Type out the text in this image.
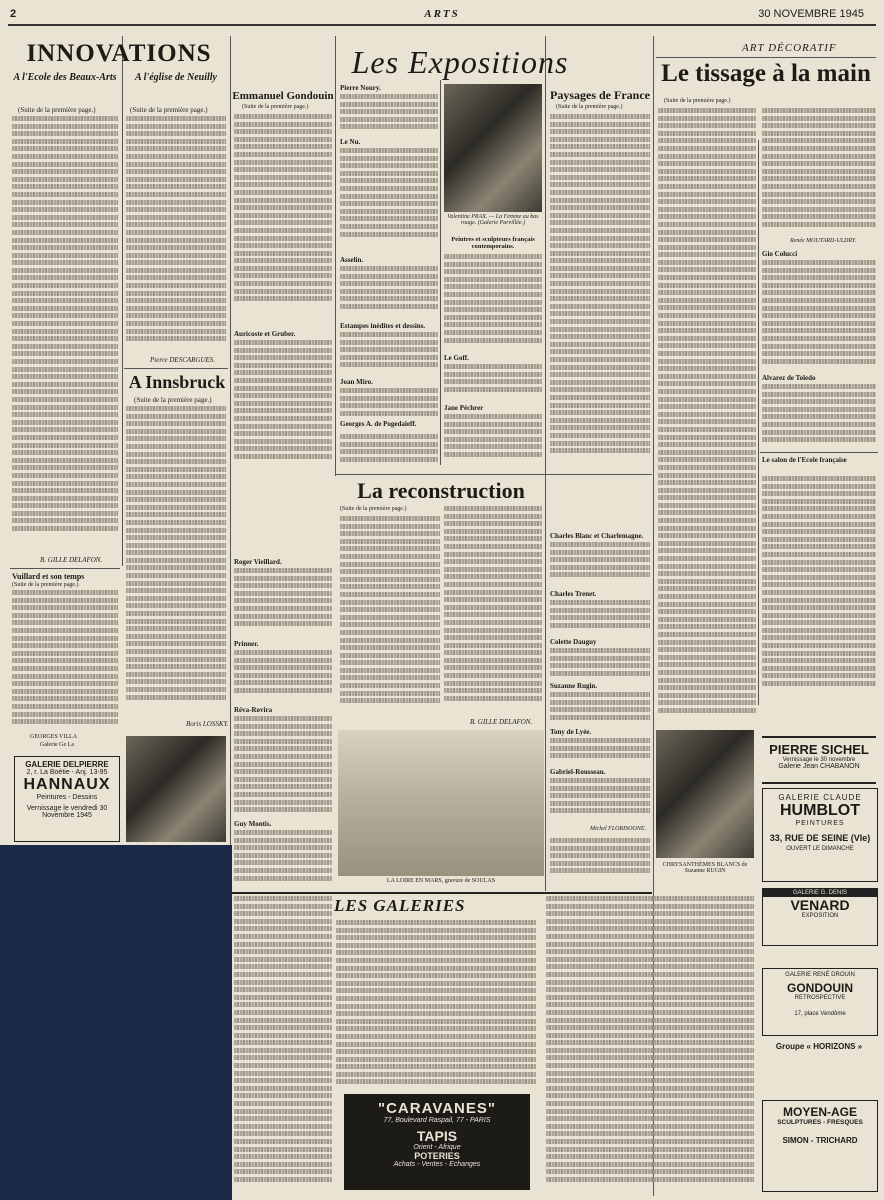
2	ARTS	30 NOVEMBRE 1945
INNOVATIONS
A l'Ecole des Beaux-Arts	A l'église de Neuilly
(Suite de la première page.)	(Suite de la première page.)
B. GILLE DELAFON.
Pierre DESCARGUES.
A Innsbruck
(Suite de la première page.)
Boris LOSSKY.
Vuillard et son temps
(Suite de la première page.)
GEORGES VILLA
Galerie Ge La
GALERIE DELPIERRE
2, r. La Boétie - Anj. 13-95
HANNAUX
Peintures - Dessins
Vernissage le vendredi 30 Novembre 1945
Emmanuel Gondouin
(Suite de la première page.)
Auricoste et Gruber.
Roger Vieillard.
Prinner.
Réva-Rovira
Guy Montis.
Les Expositions
Pierre Noury.
Le Nu.
Asselin.
Estampes inédites et dessins.
Joan Miro.
Georges A. de Pogedaieff.
Valentine PRAX. — La Femme au bas rouge. (Galerie Parvillée.)
Peintres et sculpteurs français contemporains.
Le Goff.
Jane Péchrer
Paysages de France
(Suite de la première page.)
La reconstruction
(Suite de la première page.)
B. GILLE DELAFON.
LA LOIRE EN MARS, gravure de SOULAS
Charles Blanc et Charlemagne.
Charles Trenet.
Colette Dauguy
Suzanne Rugin.
Tony de Lyée.
Gabriel-Rousseau.
Michel FLORISOONE.
CHRYSANTHÈMES BLANCS de Suzanne RUGIN
ART DÉCORATIF
Le tissage à la main
(Suite de la première page.)
Renée MOUTARD-ULDRY.
Gio Colucci
Alvarez de Toledo
Le salon de l'Ecole française
PIERRE SICHEL
Vernissage le 30 novembre
Galerie Jean CHABANON
GALERIE CLAUDE
HUMBLOT
PEINTURES
33, RUE DE SEINE (VIe)
OUVERT LE DIMANCHE
GALERIE G. DENIS
VENARD
EXPOSITION
GALERIE RENÉ DROUIN
GONDOUIN
RETROSPECTIVE
17, place Vendôme
Groupe « HORIZONS »
MOYEN-AGE
SCULPTURES - FRESQUES
SIMON - TRICHARD
LES GALERIES
"CARAVANES"
77, Boulevard Raspail, 77 - PARIS
TAPIS
Orient - Afrique
POTERIES
Achats - Ventes - Echanges
